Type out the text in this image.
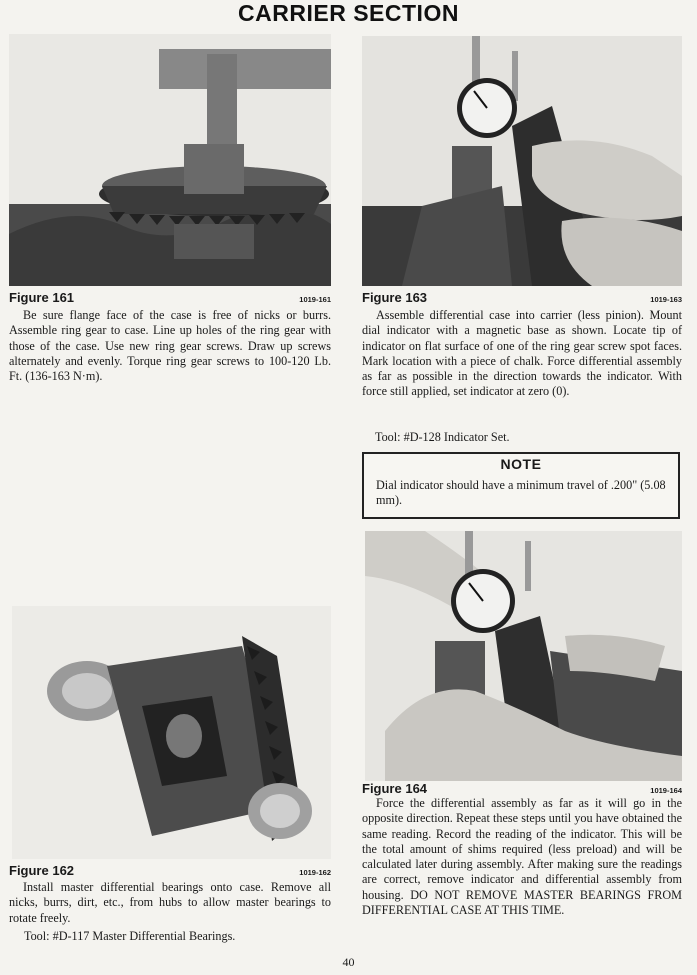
CARRIER SECTION
Figure 161	1019-161

Be sure flange face of the case is free of nicks or burrs. Assemble ring gear to case. Line up holes of the ring gear with those of the case. Use new ring gear screws. Draw up screws alternately and evenly. Torque ring gear screws to 100-120 Lb. Ft. (136-163 N·m).

Figure 162	1019-162

Install master differential bearings onto case. Remove all nicks, burrs, dirt, etc., from hubs to allow master bearings to rotate freely.

Tool: #D-117 Master Differential Bearings.

Figure 163	1019-163

Assemble differential case into carrier (less pinion). Mount dial indicator with a magnetic base as shown. Locate tip of indicator on flat surface of one of the ring gear screw spot faces. Mark location with a piece of chalk. Force differential assembly as far as possible in the direction towards the indicator. With force still applied, set indicator at zero (0).

Tool: #D-128 Indicator Set.

NOTE

Dial indicator should have a minimum travel of .200" (5.08 mm).

Figure 164	1019-164

Force the differential assembly as far as it will go in the opposite direction. Repeat these steps until you have obtained the same reading. Record the reading of the indicator. This will be the total amount of shims required (less preload) and will be calculated later during assembly. After making sure the readings are correct, remove indicator and differential assembly from housing. DO NOT REMOVE MASTER BEARINGS FROM DIFFERENTIAL CASE AT THIS TIME.

40
